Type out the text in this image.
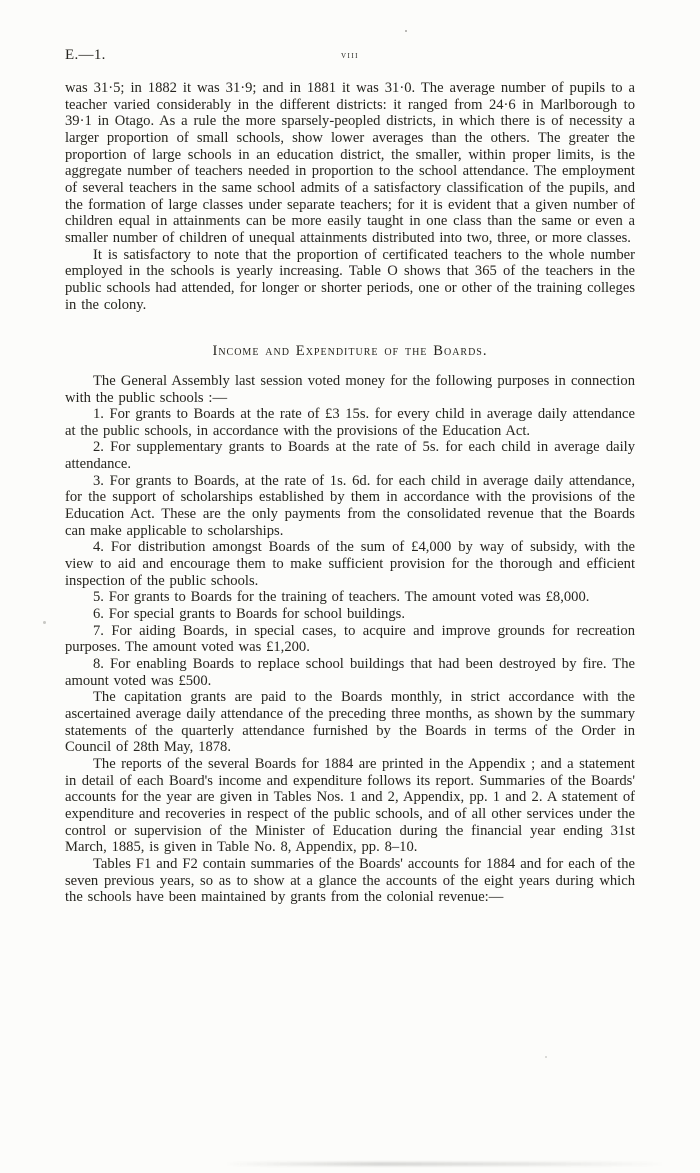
E.—1.	viii

was 31·5; in 1882 it was 31·9; and in 1881 it was 31·0. The average number of pupils to a teacher varied considerably in the different districts: it ranged from 24·6 in Marlborough to 39·1 in Otago. As a rule the more sparsely-peopled districts, in which there is of necessity a larger proportion of small schools, show lower averages than the others. The greater the proportion of large schools in an education district, the smaller, within proper limits, is the aggregate number of teachers needed in proportion to the school attendance. The employment of several teachers in the same school admits of a satisfactory classification of the pupils, and the formation of large classes under separate teachers; for it is evident that a given number of children equal in attainments can be more easily taught in one class than the same or even a smaller number of children of unequal attainments distributed into two, three, or more classes.

It is satisfactory to note that the proportion of certificated teachers to the whole number employed in the schools is yearly increasing. Table O shows that 365 of the teachers in the public schools had attended, for longer or shorter periods, one or other of the training colleges in the colony.

Income and Expenditure of the Boards.

The General Assembly last session voted money for the following purposes in connection with the public schools :—

1. For grants to Boards at the rate of £3 15s. for every child in average daily attendance at the public schools, in accordance with the provisions of the Education Act.

2. For supplementary grants to Boards at the rate of 5s. for each child in average daily attendance.

3. For grants to Boards, at the rate of 1s. 6d. for each child in average daily attendance, for the support of scholarships established by them in accordance with the provisions of the Education Act. These are the only payments from the consolidated revenue that the Boards can make applicable to scholarships.

4. For distribution amongst Boards of the sum of £4,000 by way of subsidy, with the view to aid and encourage them to make sufficient provision for the thorough and efficient inspection of the public schools.

5. For grants to Boards for the training of teachers. The amount voted was £8,000.

6. For special grants to Boards for school buildings.

7. For aiding Boards, in special cases, to acquire and improve grounds for recreation purposes. The amount voted was £1,200.

8. For enabling Boards to replace school buildings that had been destroyed by fire. The amount voted was £500.

The capitation grants are paid to the Boards monthly, in strict accordance with the ascertained average daily attendance of the preceding three months, as shown by the summary statements of the quarterly attendance furnished by the Boards in terms of the Order in Council of 28th May, 1878.

The reports of the several Boards for 1884 are printed in the Appendix ; and a statement in detail of each Board's income and expenditure follows its report. Summaries of the Boards' accounts for the year are given in Tables Nos. 1 and 2, Appendix, pp. 1 and 2. A statement of expenditure and recoveries in respect of the public schools, and of all other services under the control or supervision of the Minister of Education during the financial year ending 31st March, 1885, is given in Table No. 8, Appendix, pp. 8–10.

Tables F1 and F2 contain summaries of the Boards' accounts for 1884 and for each of the seven previous years, so as to show at a glance the accounts of the eight years during which the schools have been maintained by grants from the colonial revenue:—
